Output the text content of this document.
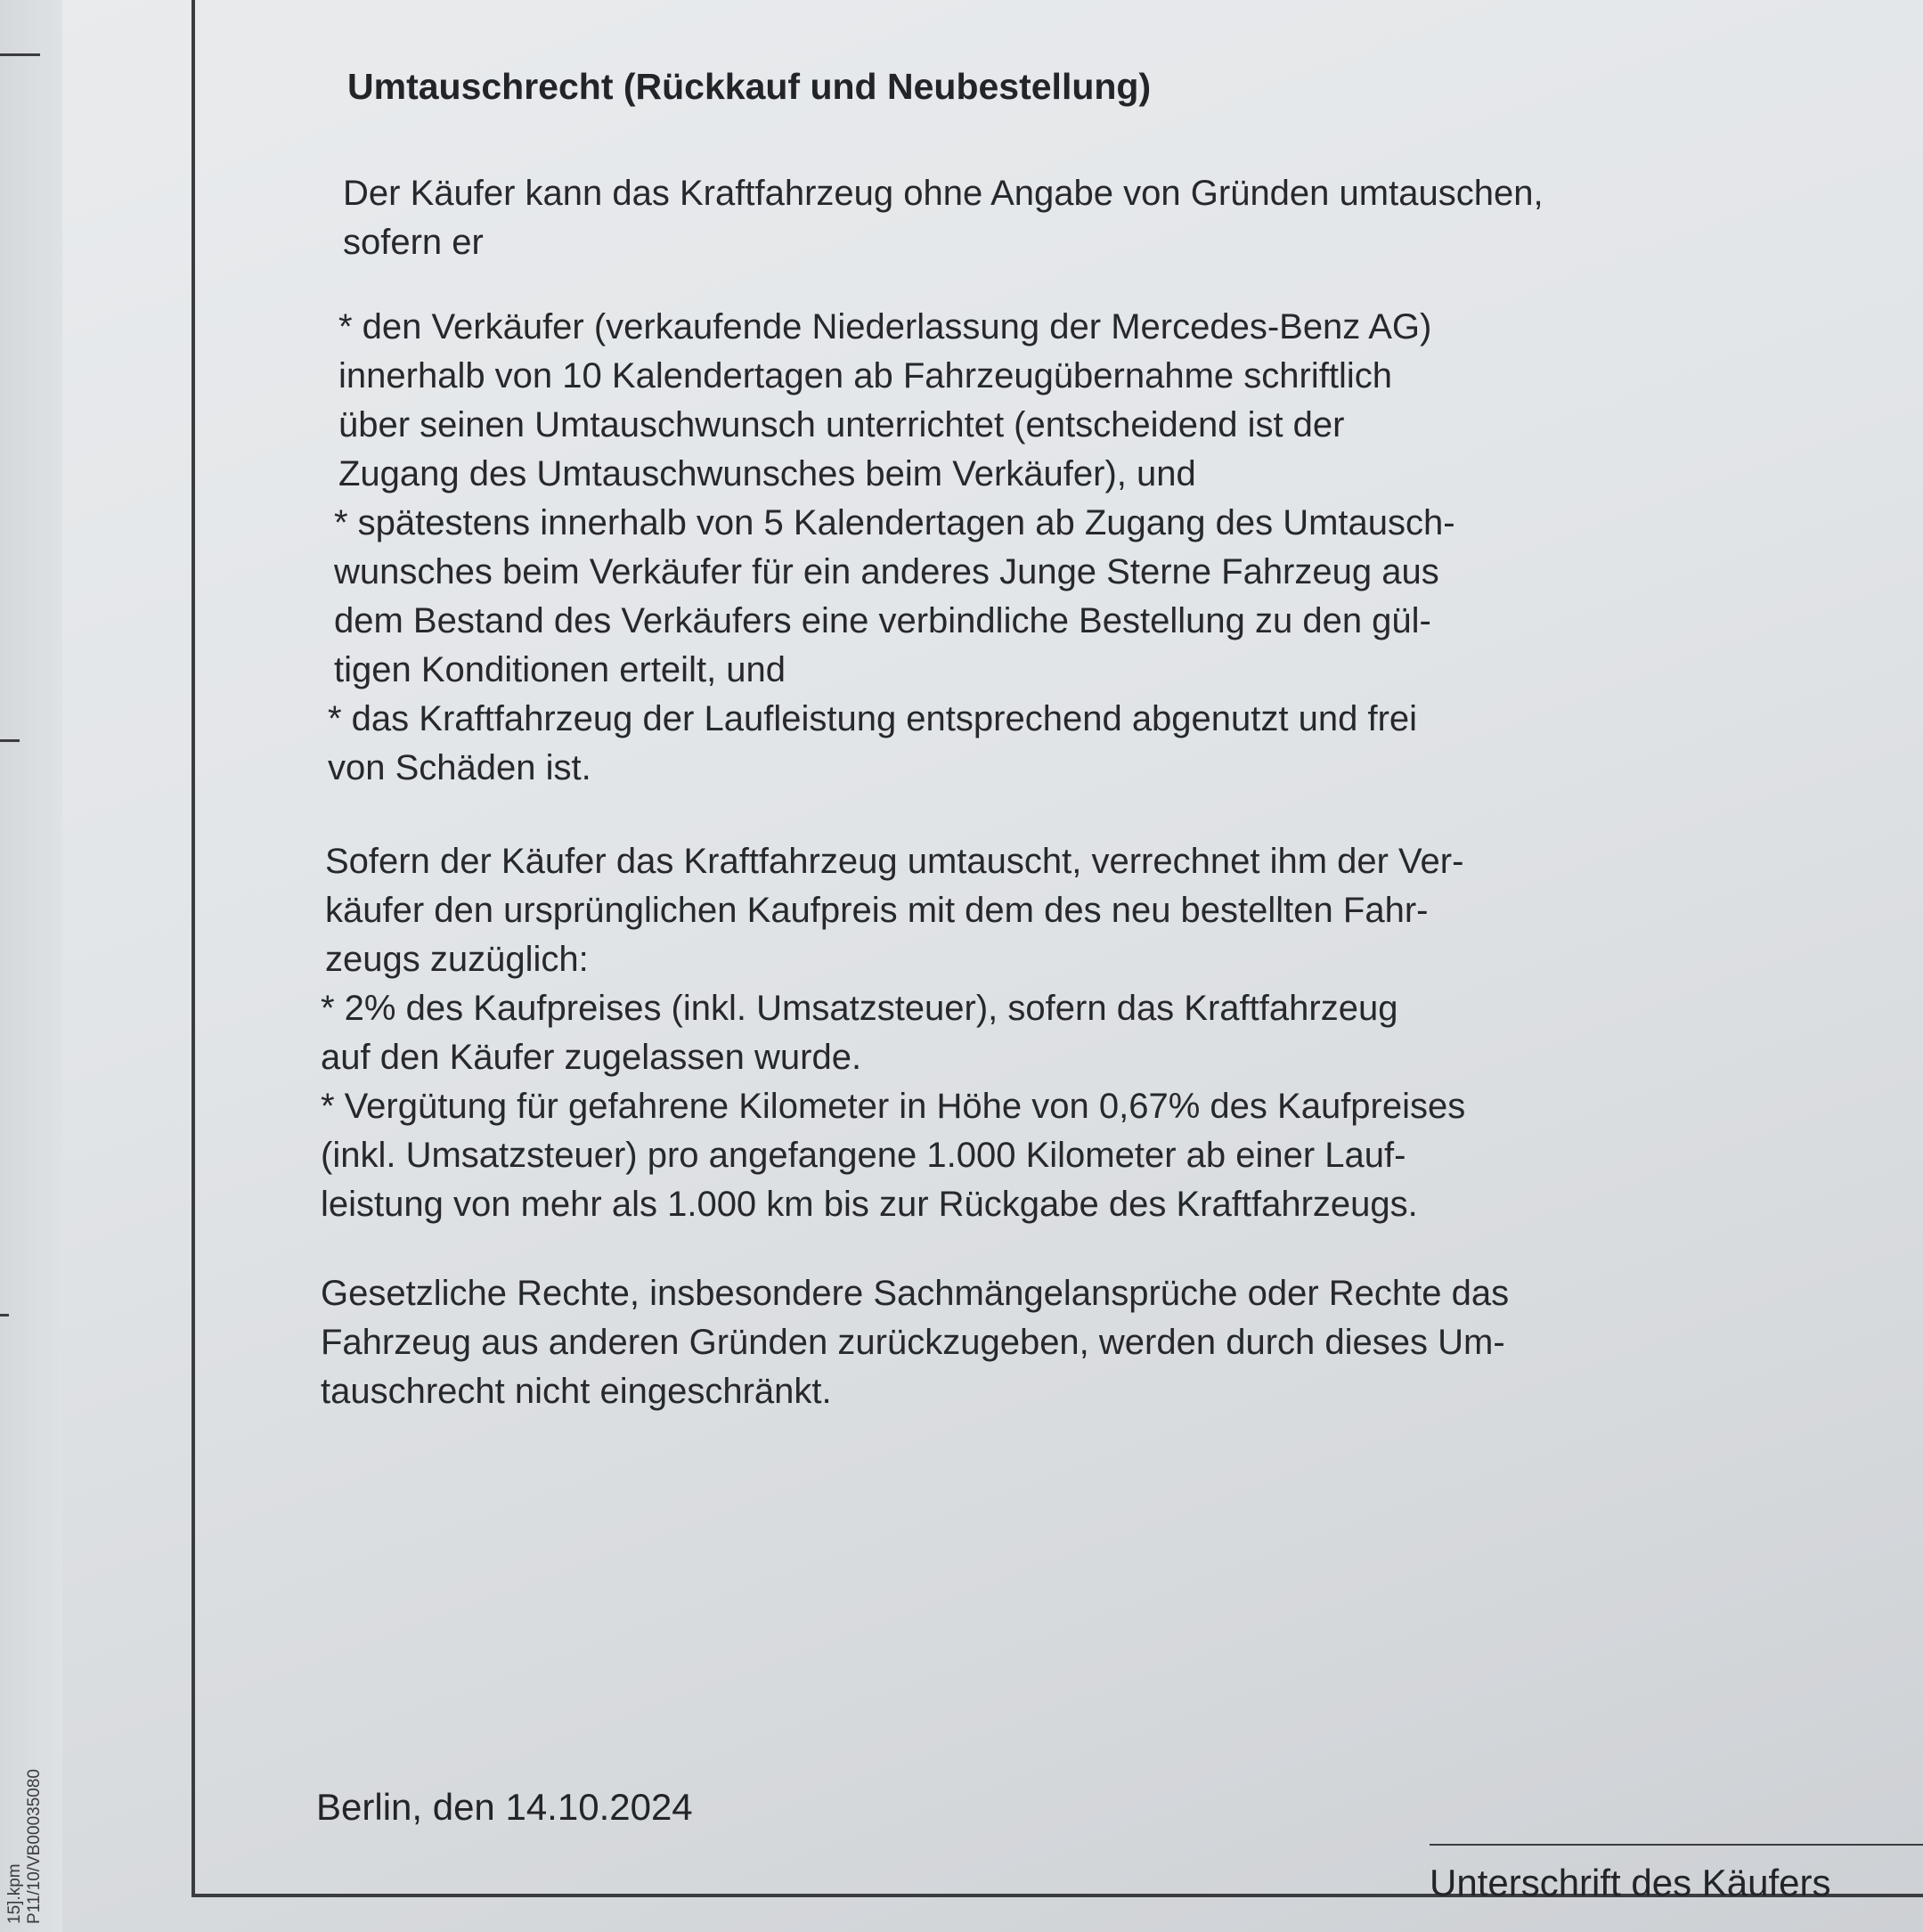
15].kpm P11/10/VB00035080
Umtauschrecht (Rückkauf und Neubestellung)
Der Käufer kann das Kraftfahrzeug ohne Angabe von Gründen umtauschen,
sofern er
* den Verkäufer (verkaufende Niederlassung der Mercedes-Benz AG)
innerhalb von 10 Kalendertagen ab Fahrzeugübernahme schriftlich
über seinen Umtauschwunsch unterrichtet (entscheidend ist der
Zugang des Umtauschwunsches beim Verkäufer), und
* spätestens innerhalb von 5 Kalendertagen ab Zugang des Umtausch-
wunsches beim Verkäufer für ein anderes Junge Sterne Fahrzeug aus
dem Bestand des Verkäufers eine verbindliche Bestellung zu den gül-
tigen Konditionen erteilt, und
* das Kraftfahrzeug der Laufleistung entsprechend abgenutzt und frei
von Schäden ist.
Sofern der Käufer das Kraftfahrzeug umtauscht, verrechnet ihm der Ver-
käufer den ursprünglichen Kaufpreis mit dem des neu bestellten Fahr-
zeugs zuzüglich:
* 2% des Kaufpreises (inkl. Umsatzsteuer), sofern das Kraftfahrzeug
auf den Käufer zugelassen wurde.
* Vergütung für gefahrene Kilometer in Höhe von 0,67% des Kaufpreises
(inkl. Umsatzsteuer) pro angefangene 1.000 Kilometer ab einer Lauf-
leistung von mehr als 1.000 km bis zur Rückgabe des Kraftfahrzeugs.
Gesetzliche Rechte, insbesondere Sachmängelansprüche oder Rechte das
Fahrzeug aus anderen Gründen zurückzugeben, werden durch dieses Um-
tauschrecht nicht eingeschränkt.
Berlin, den 14.10.2024
Unterschrift des Käufers
